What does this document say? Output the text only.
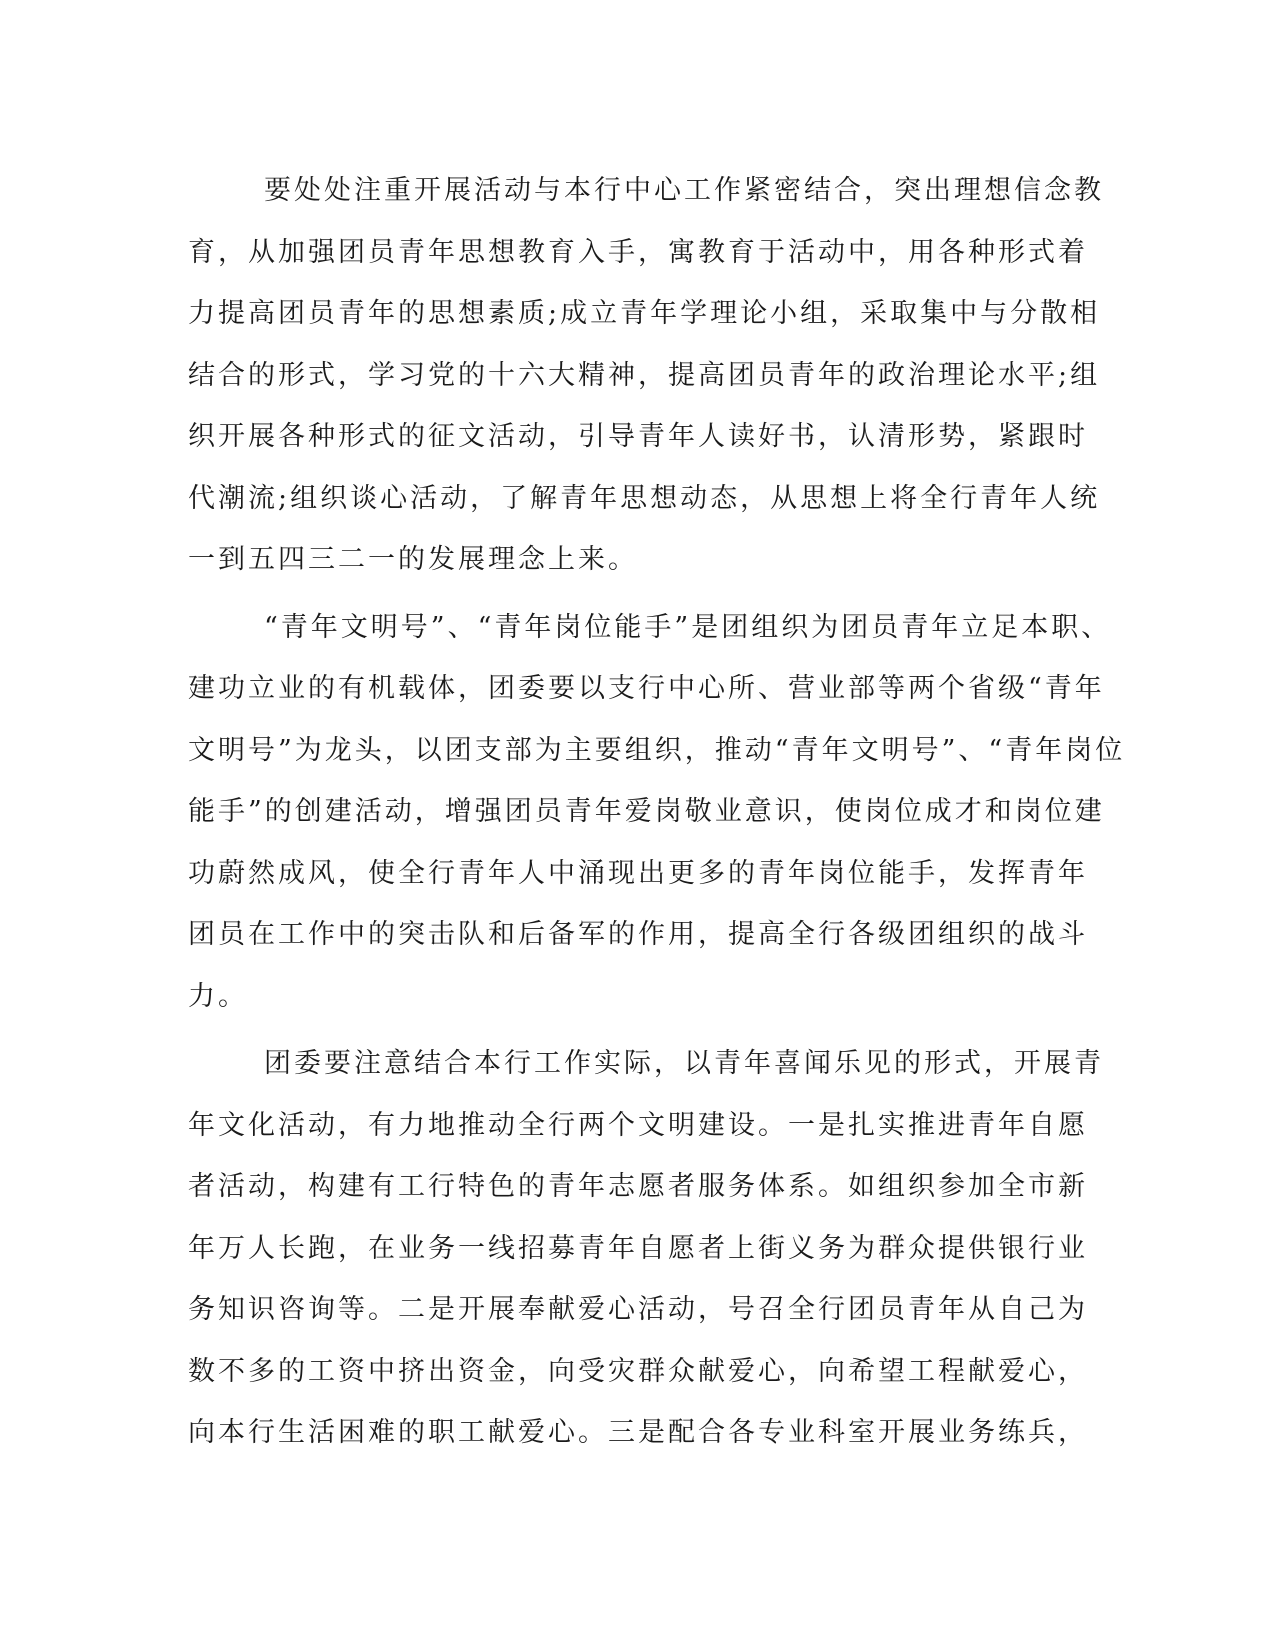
要处处注重开展活动与本行中心工作紧密结合，突出理想信念教
育，从加强团员青年思想教育入手，寓教育于活动中，用各种形式着
力提高团员青年的思想素质;成立青年学理论小组，采取集中与分散相
结合的形式，学习党的十六大精神，提高团员青年的政治理论水平;组
织开展各种形式的征文活动，引导青年人读好书，认清形势，紧跟时
代潮流;组织谈心活动，了解青年思想动态，从思想上将全行青年人统
一到五四三二一的发展理念上来。
“青年文明号”、“青年岗位能手”是团组织为团员青年立足本职、
建功立业的有机载体，团委要以支行中心所、营业部等两个省级“青年
文明号”为龙头，以团支部为主要组织，推动“青年文明号”、“青年岗位
能手”的创建活动，增强团员青年爱岗敬业意识，使岗位成才和岗位建
功蔚然成风，使全行青年人中涌现出更多的青年岗位能手，发挥青年
团员在工作中的突击队和后备军的作用，提高全行各级团组织的战斗
力。
团委要注意结合本行工作实际，以青年喜闻乐见的形式，开展青
年文化活动，有力地推动全行两个文明建设。一是扎实推进青年自愿
者活动，构建有工行特色的青年志愿者服务体系。如组织参加全市新
年万人长跑，在业务一线招募青年自愿者上街义务为群众提供银行业
务知识咨询等。二是开展奉献爱心活动，号召全行团员青年从自己为
数不多的工资中挤出资金，向受灾群众献爱心，向希望工程献爱心，
向本行生活困难的职工献爱心。三是配合各专业科室开展业务练兵，
